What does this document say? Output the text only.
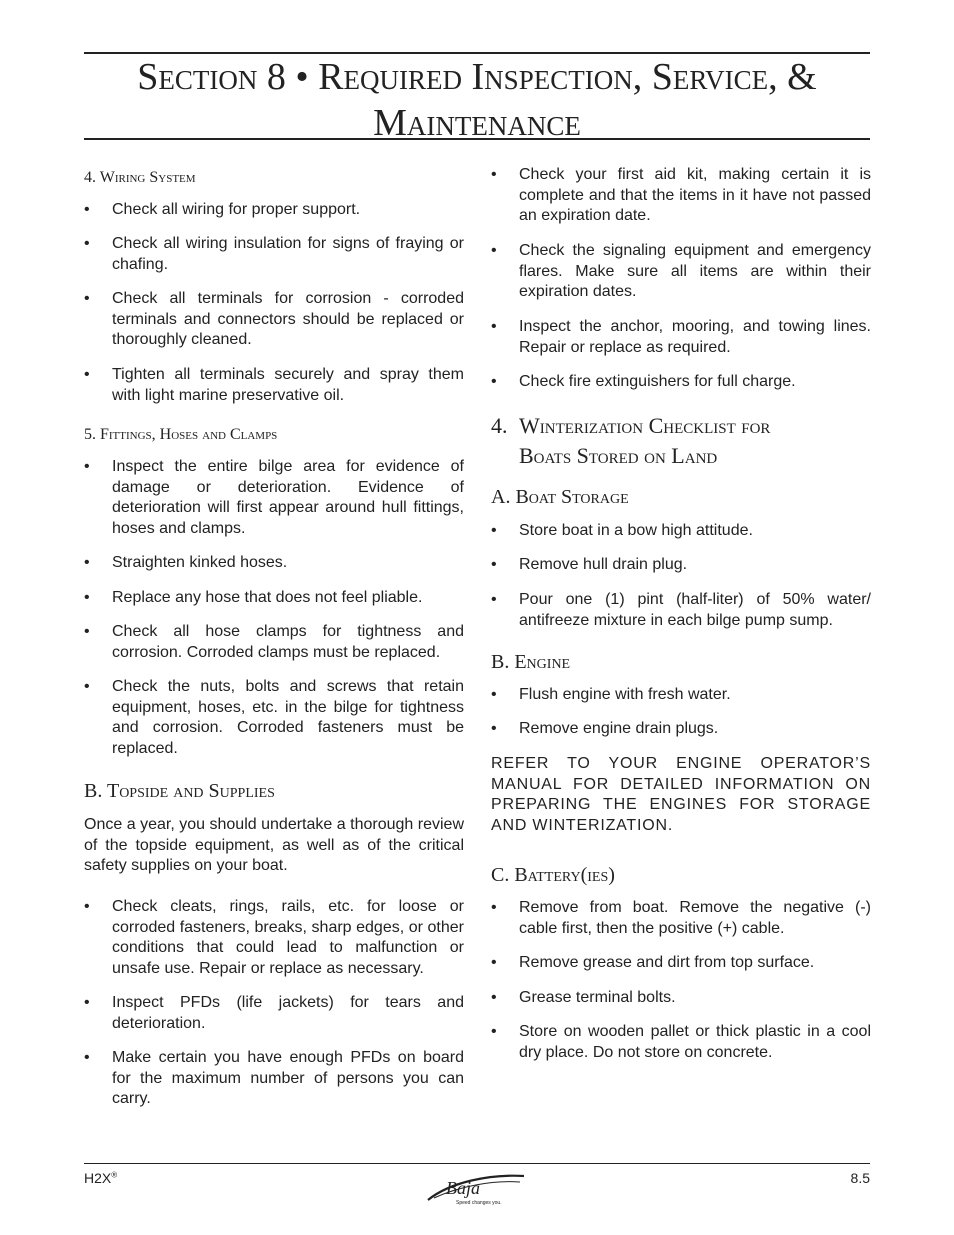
Section 8 • Required Inspection, Service, &
Maintenance
4. Wiring System
•	Check all wiring for proper support.
•	Check all wiring insulation for signs of fraying or chafing.
•	Check all terminals for corrosion - corroded terminals and connectors should be replaced or thoroughly cleaned.
•	Tighten all terminals securely and spray them with light marine preservative oil.
5. Fittings, Hoses and Clamps
•	Inspect the entire bilge area for evidence of damage or deterioration. Evidence of deterioration will first appear around hull fittings, hoses and clamps.
•	Straighten kinked hoses.
•	Replace any hose that does not feel pliable.
•	Check all hose clamps for tightness and corrosion. Corroded clamps must be replaced.
•	Check the nuts, bolts and screws that retain equipment, hoses, etc. in the bilge for tightness and corrosion. Corroded fasteners must be replaced.
B. Topside and Supplies
Once a year, you should undertake a thorough review of the topside equipment, as well as of the critical safety supplies on your boat.
•	Check cleats, rings, rails, etc. for loose or corroded fasteners, breaks, sharp edges, or other conditions that could lead to malfunction or unsafe use. Repair or replace as necessary.
•	Inspect PFDs (life jackets) for tears and deterioration.
•	Make certain you have enough PFDs on board for the maximum number of persons you can carry.
•	Check your first aid kit, making certain it is complete and that the items in it have not passed an expiration date.
•	Check the signaling equipment and emergency flares. Make sure all items are within their expiration dates.
•	Inspect the anchor, mooring, and towing lines. Repair or replace as required.
•	Check fire extinguishers for full charge.
4. Winterization Checklist for
Boats Stored on Land
A. Boat Storage
•	Store boat in a bow high attitude.
•	Remove hull drain plug.
•	Pour one (1) pint (half-liter) of 50% water/ antifreeze mixture in each bilge pump sump.
B. Engine
•	Flush engine with fresh water.
•	Remove engine drain plugs.
REFER TO YOUR ENGINE OPERATOR’S MANUAL FOR DETAILED INFORMATION ON PREPARING THE ENGINES FOR STORAGE AND WINTERIZATION.
C. Battery(ies)
•	Remove from boat. Remove the negative (-) cable first, then the positive (+) cable.
•	Remove grease and dirt from top surface.
•	Grease terminal bolts.
•	Store on wooden pallet or thick plastic in a cool dry place. Do not store on concrete.
H2X®
Baja
Speed changes you.
8.5
